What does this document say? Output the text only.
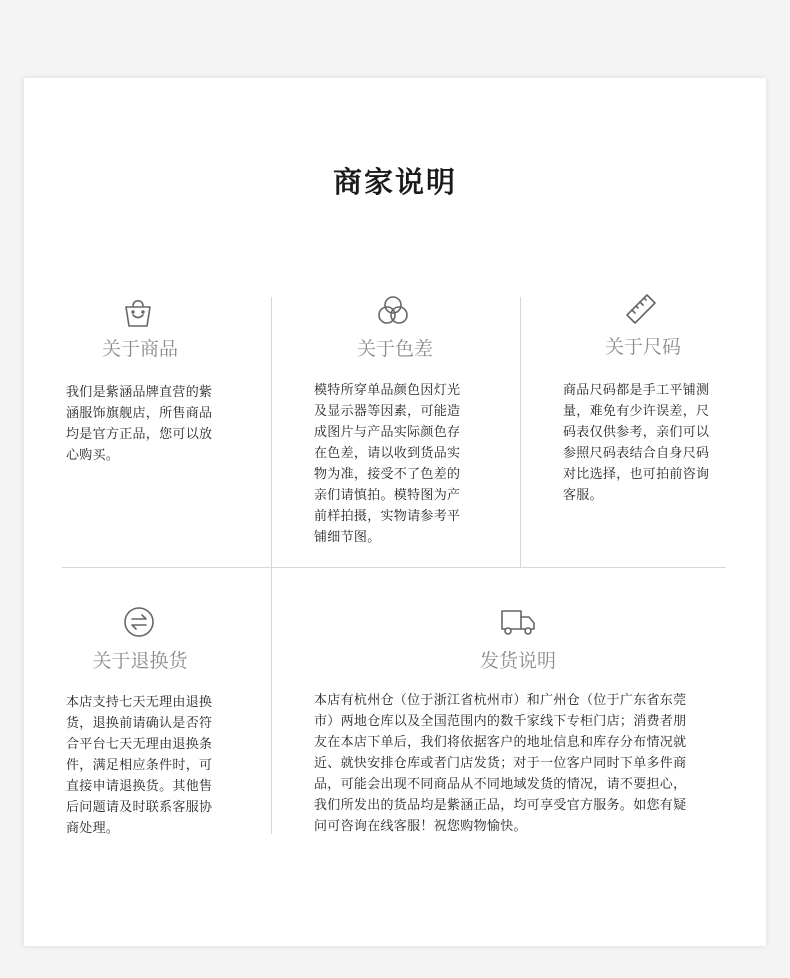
商家说明
关于商品
我们是紫涵品牌直营的紫
涵服饰旗舰店，所售商品
均是官方正品，您可以放
心购买。
关于色差
模特所穿单品颜色因灯光
及显示器等因素，可能造
成图片与产品实际颜色存
在色差，请以收到货品实
物为准，接受不了色差的
亲们请慎拍。模特图为产
前样拍摄，实物请参考平
铺细节图。
关于尺码
商品尺码都是手工平铺测
量，难免有少许误差，尺
码表仅供参考，亲们可以
参照尺码表结合自身尺码
对比选择，也可拍前咨询
客服。
关于退换货
本店支持七天无理由退换
货，退换前请确认是否符
合平台七天无理由退换条
件，满足相应条件时，可
直接申请退换货。其他售
后问题请及时联系客服协
商处理。
发货说明
本店有杭州仓（位于浙江省杭州市）和广州仓（位于广东省东莞
市）两地仓库以及全国范围内的数千家线下专柜门店；消费者朋
友在本店下单后，我们将依据客户的地址信息和库存分布情况就
近、就快安排仓库或者门店发货；对于一位客户同时下单多件商
品，可能会出现不同商品从不同地域发货的情况，请不要担心，
我们所发出的货品均是紫涵正品，均可享受官方服务。如您有疑
问可咨询在线客服！祝您购物愉快。
